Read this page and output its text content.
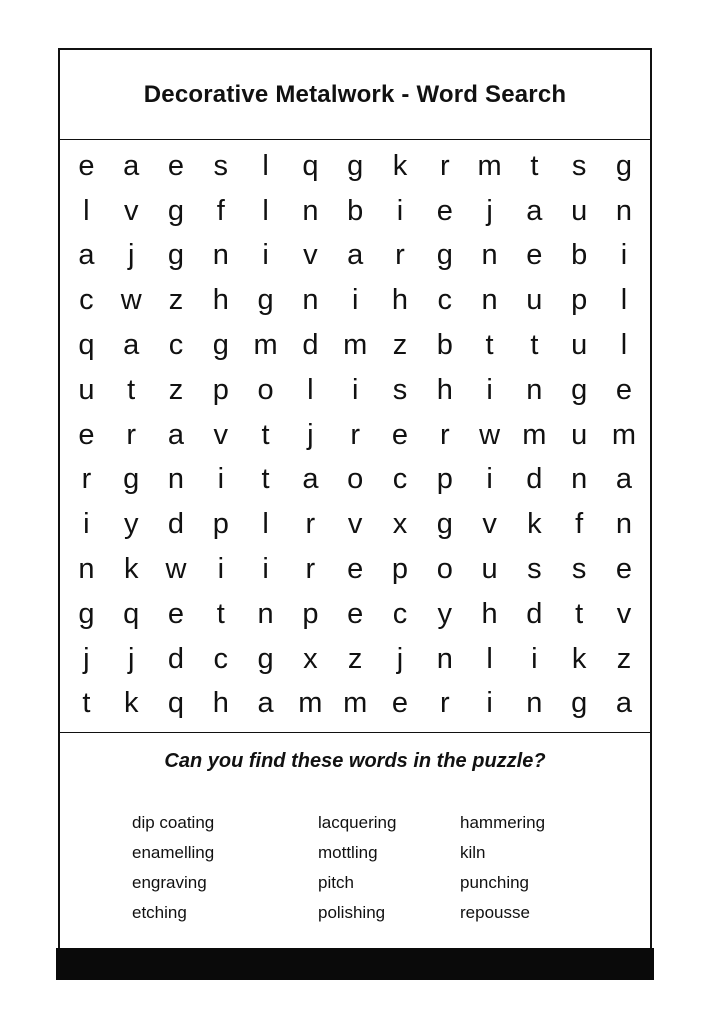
Decorative Metalwork - Word Search
e a e	s	l	q g	k	r m t	s	g
l	v	g	f	l	n b	i	e	j	a u n
a	j	g n	i	v	a	r	g n e b	i
c w z	h g n	i	h	c	n u p	l
q a	c	g m d m z	b	t	t	u	l
u	t	z	p o	l	i	s	h	i	n g e
e	r	a	v	t	j	r	e	r	w m u m
r	g n	i	t	a o	c	p	i	d n a
i	y	d p	l	r	v	x	g	v	k	f	n
n	k w	i	i	r	e p o u	s	s	e
g q e	t	n p e	c	y	h d	t	v
j	j	d	c	g	x	z	j	n	l	i	k	z
t	k	q h a m m e	r	i	n g a
Can you find these words in the puzzle?
dip coating
enamelling
engraving
etching
lacquering
mottling
pitch
polishing
hammering
kiln
punching
repousse
